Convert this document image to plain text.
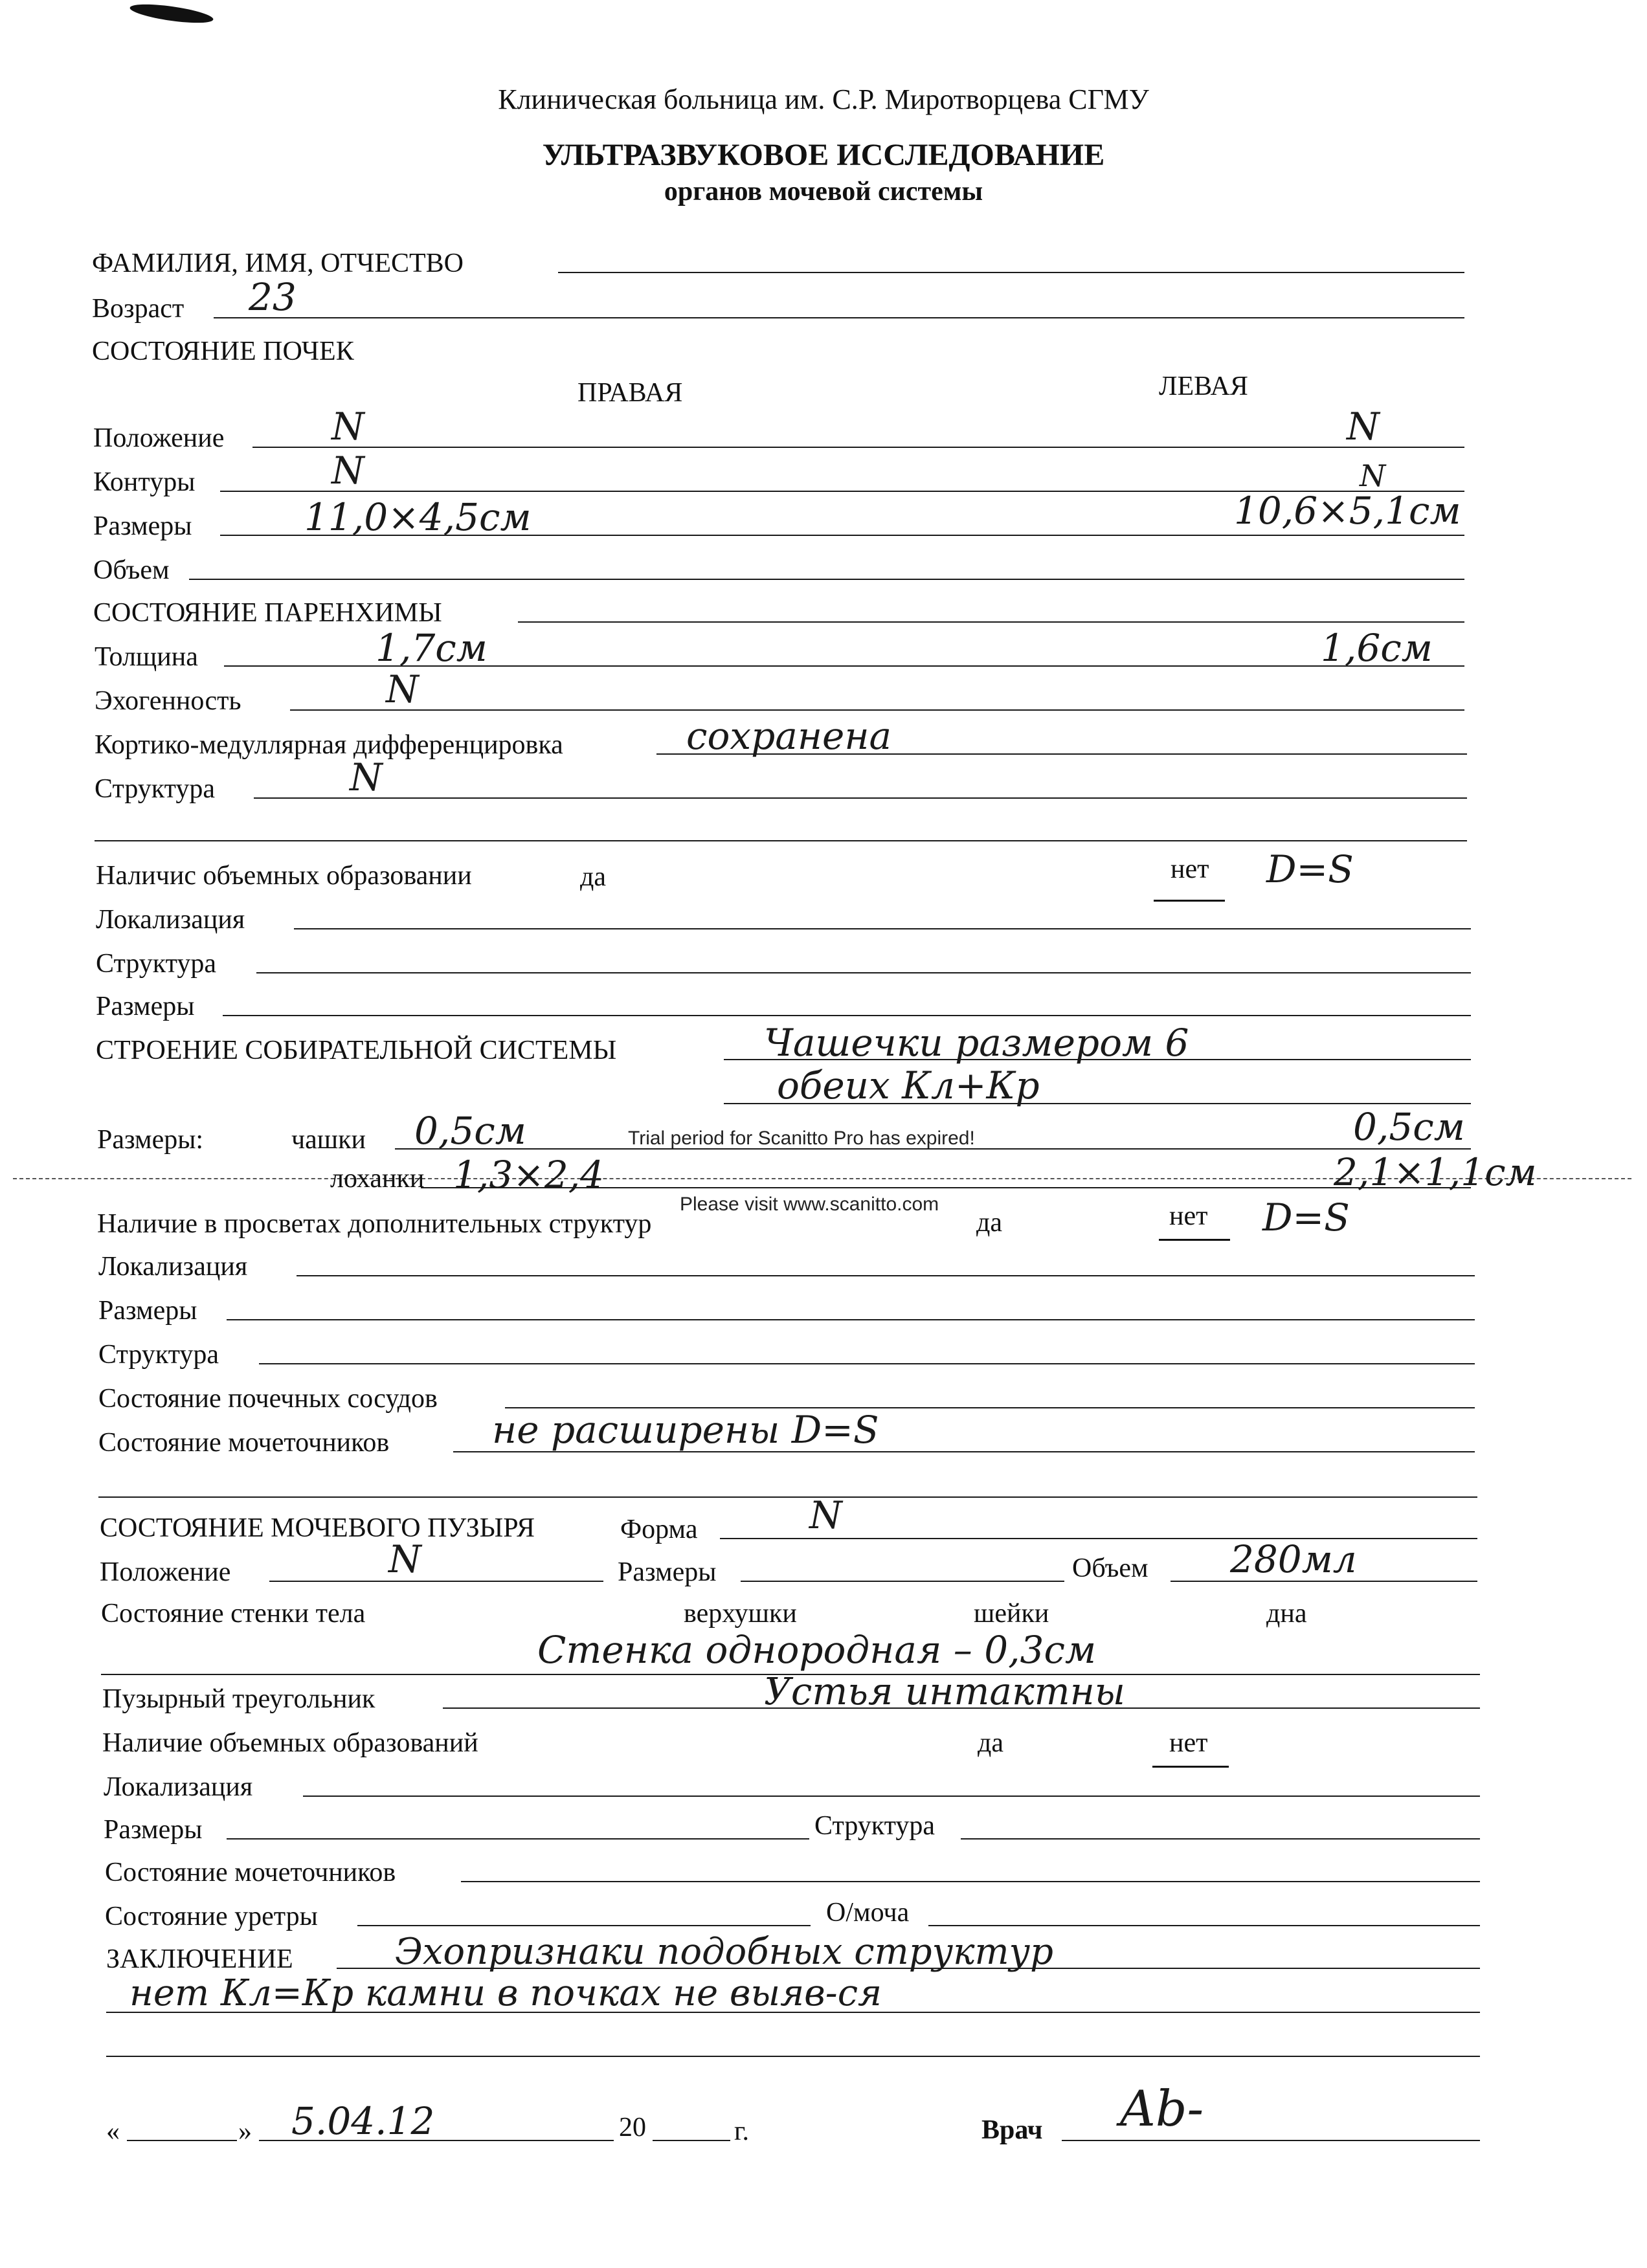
Клиническая больница им. С.Р. Миротворцева СГМУ
УЛЬТРАЗВУКОВОЕ ИССЛЕДОВАНИЕ
органов мочевой системы
ФАМИЛИЯ, ИМЯ, ОТЧЕСТВО
Возраст 23
СОСТОЯНИЕ ПОЧЕК
ПРАВАЯ	ЛЕВАЯ
Положение	N	N
Контуры	N	N
Размеры	11,0×4,5см	10,6×5,1см
Объем
СОСТОЯНИЕ ПАРЕНХИМЫ
Толщина	1,7см	1,6см
Эхогенность	N
Кортико-медуллярная дифференцировка	сохранена
Структура	N
Наличис объемных образовании	да	нет D=S
Локализация
Структура
Размеры
СТРОЕНИЕ СОБИРАТЕЛЬНОЙ СИСТЕМЫ	Чашечки размером 6
обеих Кл+Кр
Размеры:	чашки 0,5см	0,5см
Trial period for Scanitto Pro has expired!
лоханки 1,3×2,4	2,1×1,1см
Please visit www.scanitto.com
Наличие в просветах дополнительных структур	да	нет D=S
Локализация
Размеры
Структура
Состояние почечных сосудов
Состояние мочеточников	не расширены D=S
СОСТОЯНИЕ МОЧЕВОГО ПУЗЫРЯ	Форма	N
Положение	N	Размеры	Объем 280мл
Состояние стенки тела	верхушки	шейки	дна
Стенка однородная – 0,3см
Пузырный треугольник	Устья интактны
Наличие объемных образований	да	нет
Локализация
Размеры	Структура
Состояние мочеточников
Состояние уретры	О/моча
ЗАКЛЮЧЕНИЕ	Эхопризнаки подобных структур
нет Кл=Кр камни в почках не выяв-ся
«	» 5.04.12	20	г.	Врач Ab-
